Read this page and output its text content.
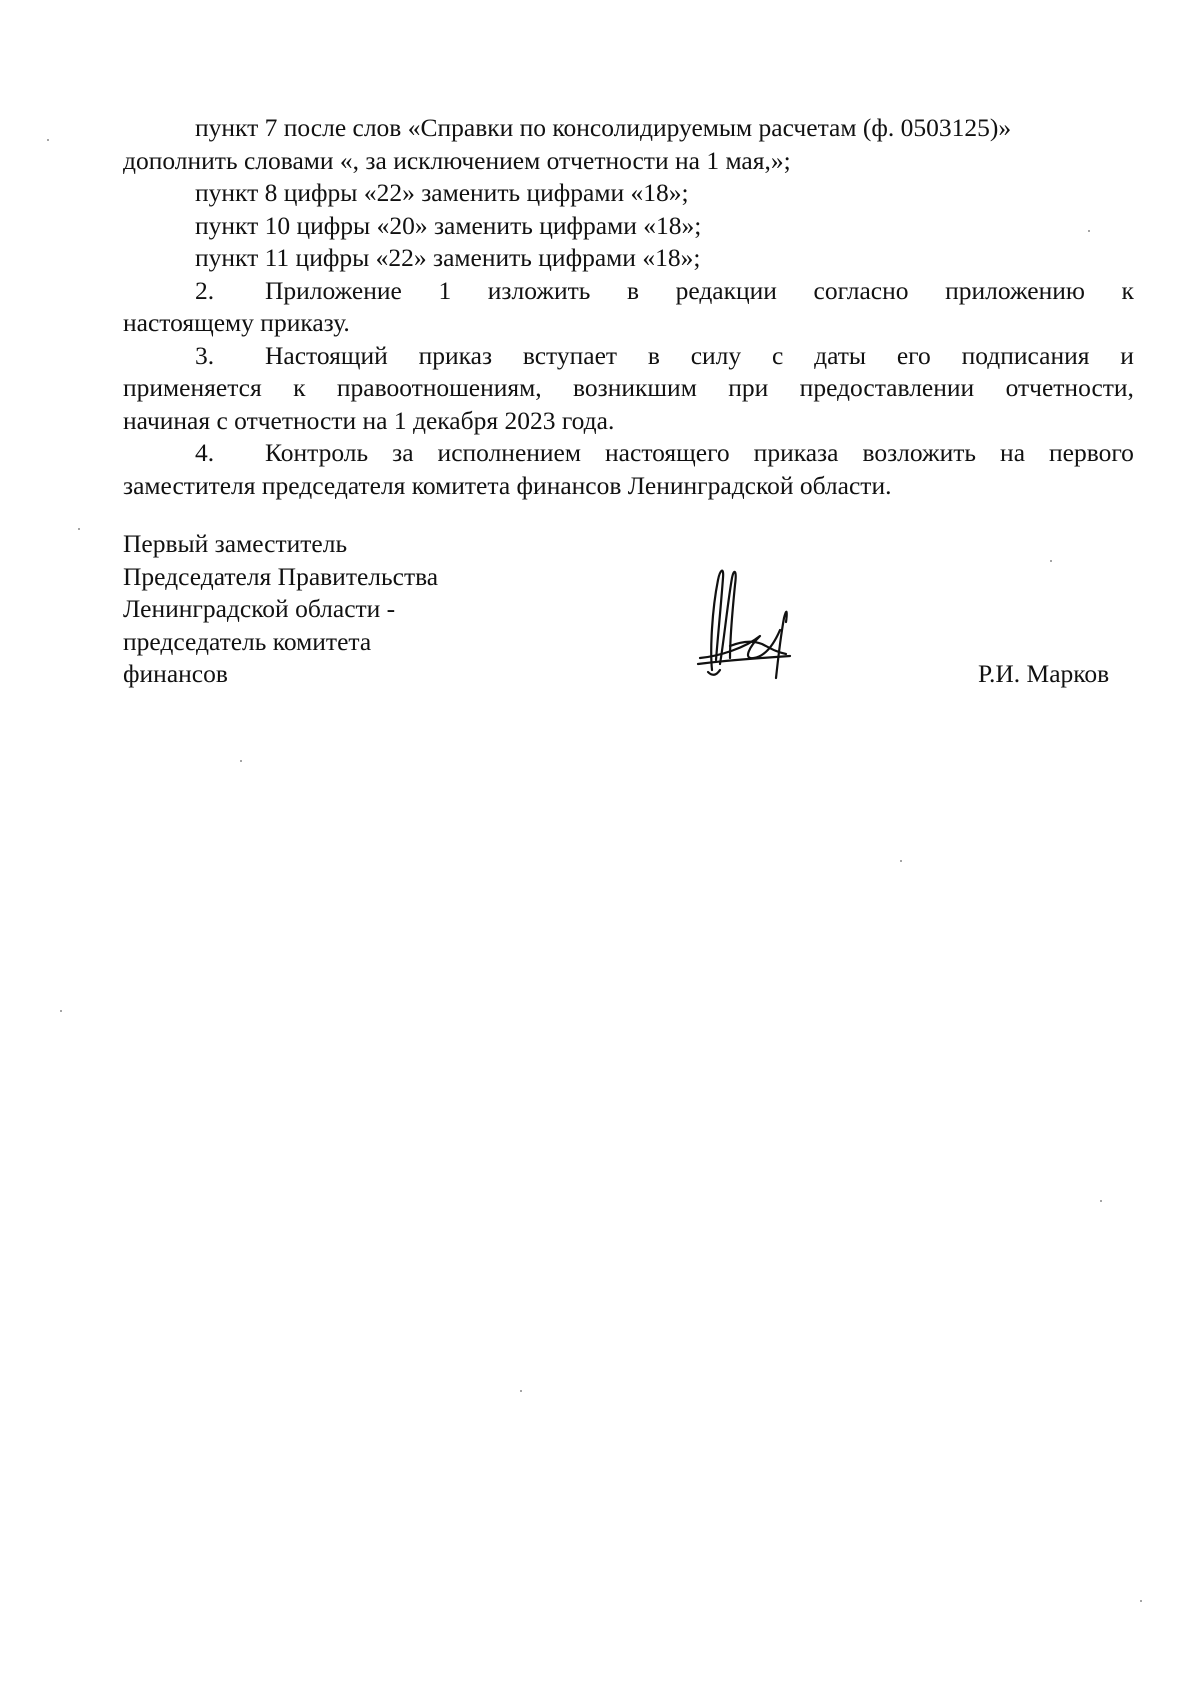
пункт 7 после слов «Справки по консолидируемым расчетам (ф. 0503125)»
дополнить словами «, за исключением отчетности на 1 мая,»;
пункт 8 цифры «22» заменить цифрами «18»;
пункт 10 цифры «20» заменить цифрами «18»;
пункт 11 цифры «22» заменить цифрами «18»;
2.	Приложение 1 изложить в редакции согласно приложению к
настоящему приказу.
3.	Настоящий приказ вступает в силу с даты его подписания и
применяется к правоотношениям, возникшим при предоставлении отчетности,
начиная с отчетности на 1 декабря 2023 года.
4.	Контроль за исполнением настоящего приказа возложить на первого
заместителя председателя комитета финансов Ленинградской области.
Первый заместитель
Председателя Правительства
Ленинградской области -
председатель комитета
финансов	Р.И. Марков
